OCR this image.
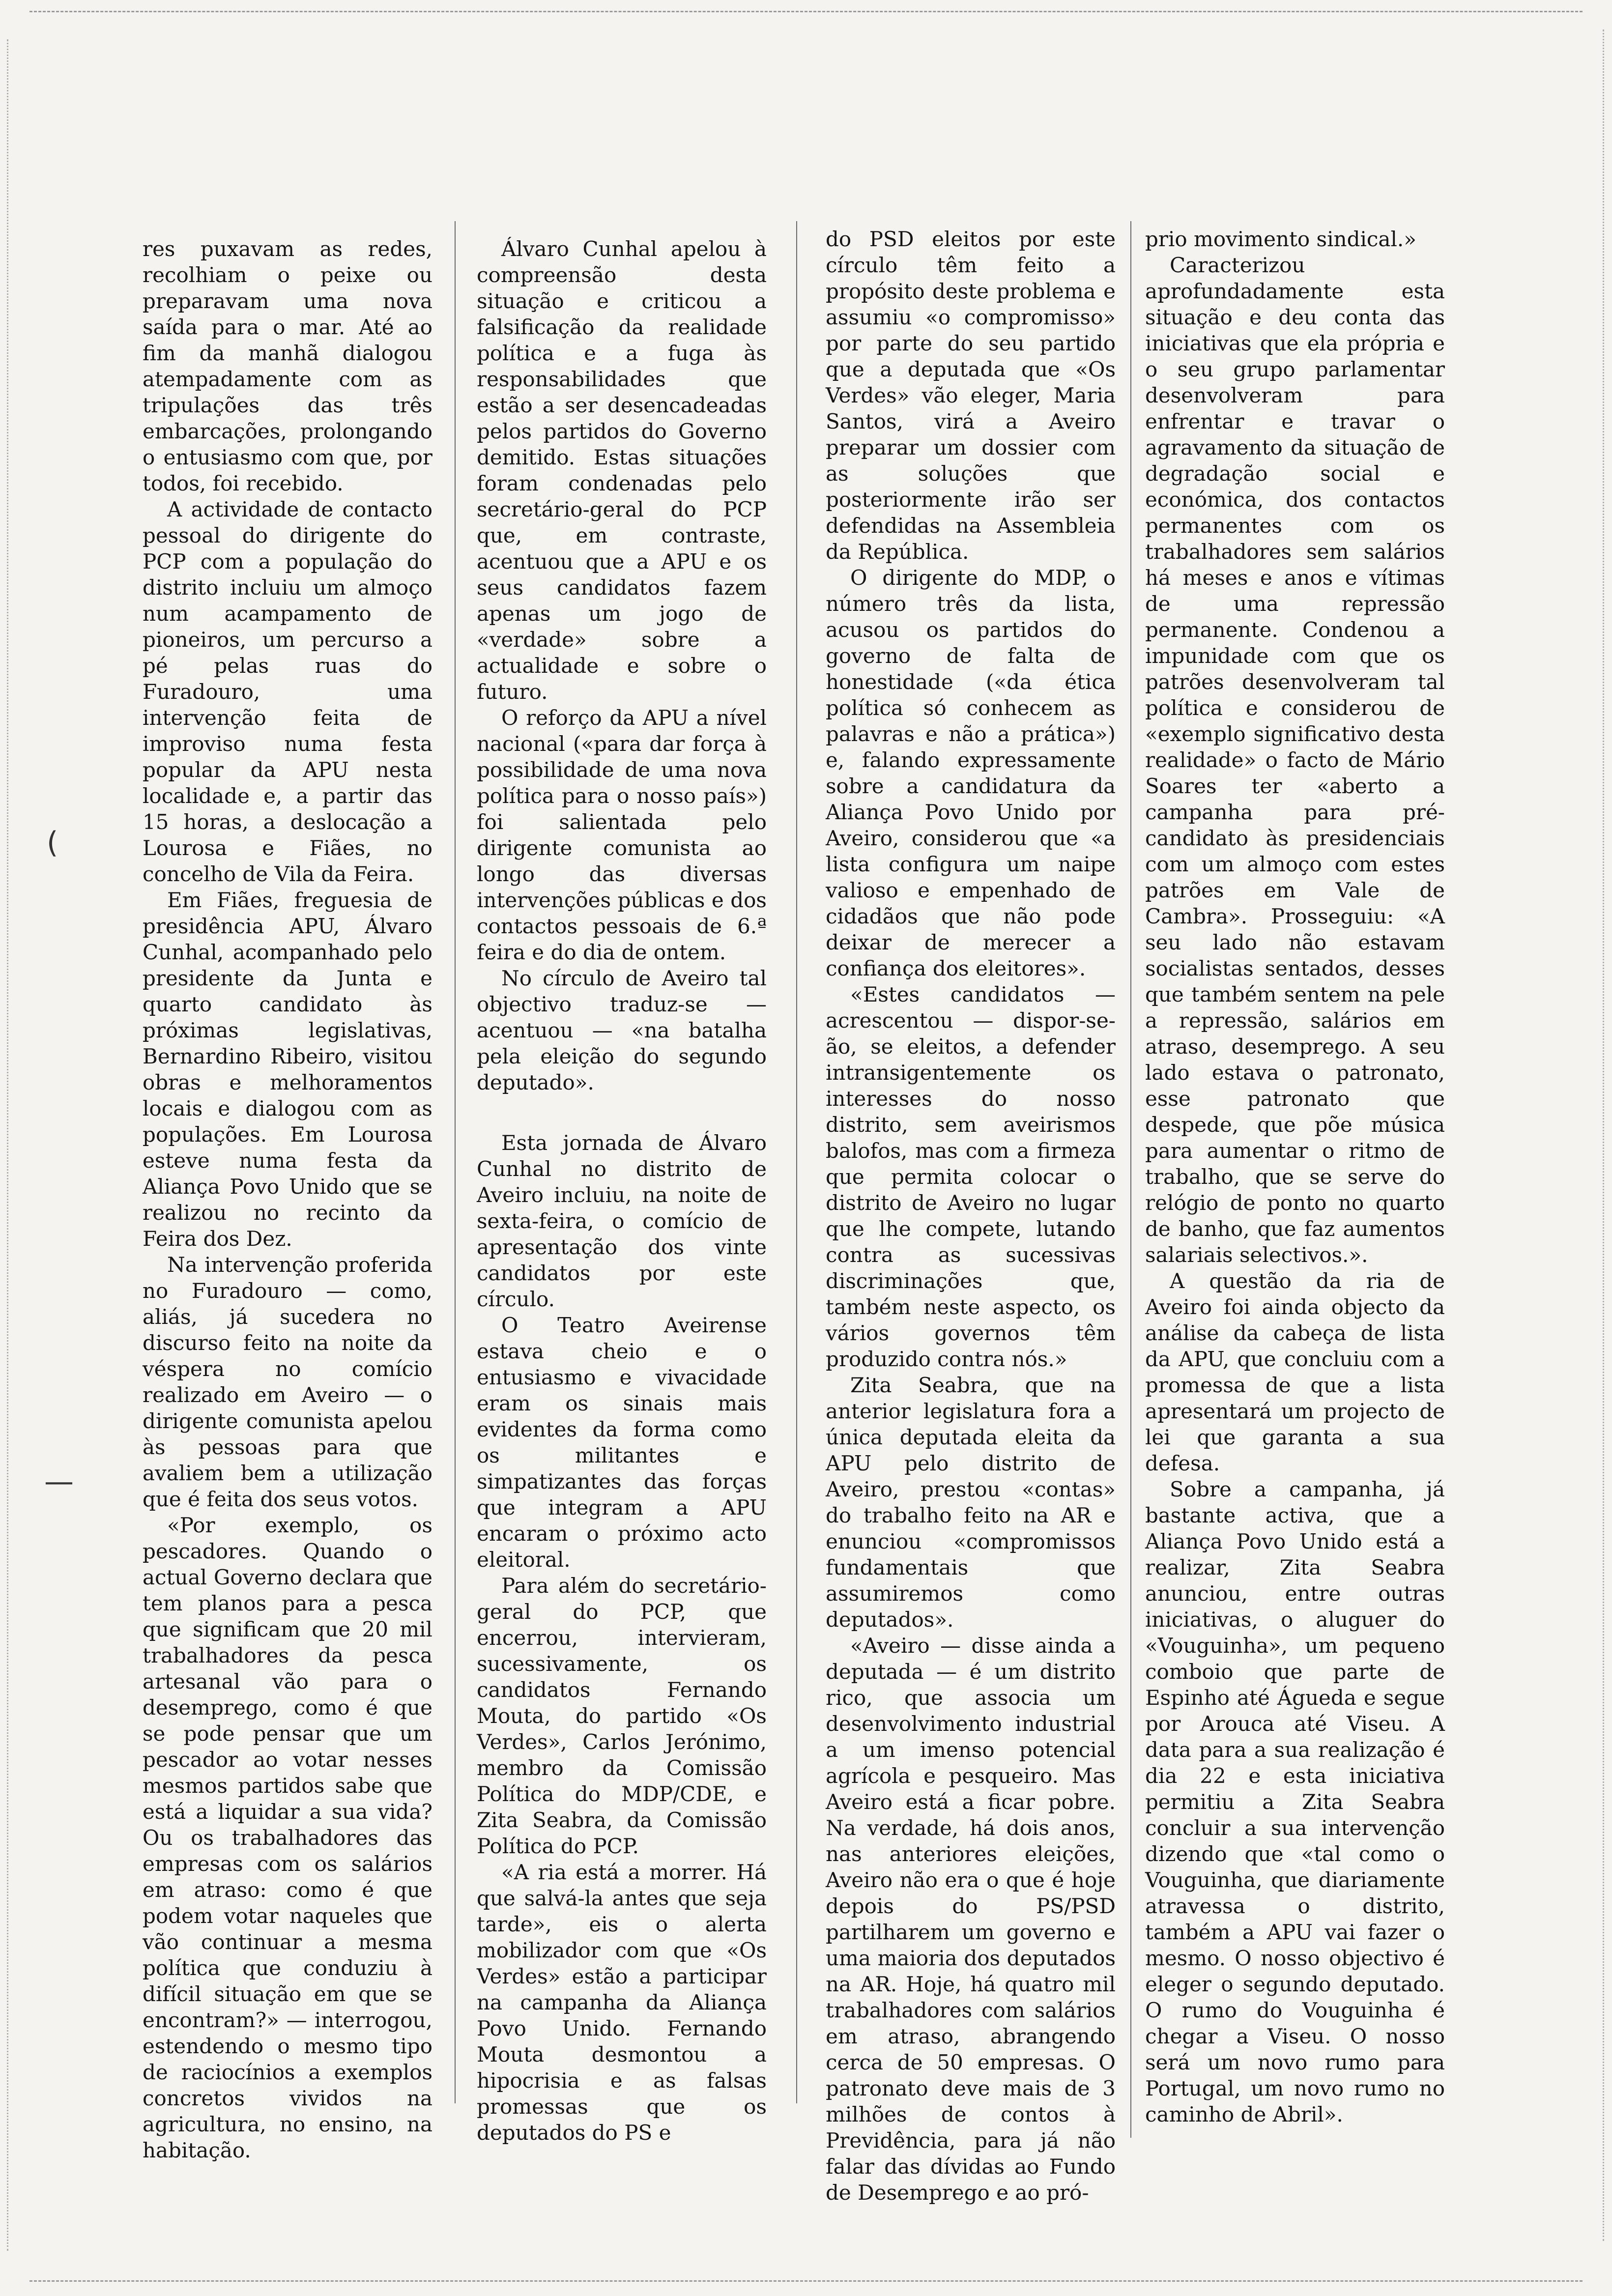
(
—

res puxavam as redes, recolhiam o peixe ou preparavam uma nova saída para o mar. Até ao fim da manhã dialogou atempadamente com as tripulações das três embarcações, prolongando o entusiasmo com que, por todos, foi recebido.

A actividade de contacto pessoal do dirigente do PCP com a população do distrito incluiu um almoço num acampamento de pioneiros, um percurso a pé pelas ruas do Furadouro, uma intervenção feita de improviso numa festa popular da APU nesta localidade e, a partir das 15 horas, a deslocação a Lourosa e Fiães, no concelho de Vila da Feira.

Em Fiães, freguesia de presidência APU, Álvaro Cunhal, acompanhado pelo presidente da Junta e quarto candidato às próximas legislativas, Bernardino Ribeiro, visitou obras e melhoramentos locais e dialogou com as populações. Em Lourosa esteve numa festa da Aliança Povo Unido que se realizou no recinto da Feira dos Dez.

Na intervenção proferida no Furadouro — como, aliás, já sucedera no discurso feito na noite da véspera no comício realizado em Aveiro — o dirigente comunista apelou às pessoas para que avaliem bem a utilização que é feita dos seus votos.

«Por exemplo, os pescadores. Quando o actual Governo declara que tem planos para a pesca que significam que 20 mil trabalhadores da pesca artesanal vão para o desemprego, como é que se pode pensar que um pescador ao votar nesses mesmos partidos sabe que está a liquidar a sua vida? Ou os trabalhadores das empresas com os salários em atraso: como é que podem votar naqueles que vão continuar a mesma política que conduziu à difícil situação em que se encontram?» — interrogou, estendendo o mesmo tipo de raciocínios a exemplos concretos vividos na agricultura, no ensino, na habitação.

Álvaro Cunhal apelou à compreensão desta situação e criticou a falsificação da realidade política e a fuga às responsabilidades que estão a ser desencadeadas pelos partidos do Governo demitido. Estas situações foram condenadas pelo secretário-geral do PCP que, em contraste, acentuou que a APU e os seus candidatos fazem apenas um jogo de «verdade» sobre a actualidade e sobre o futuro.

O reforço da APU a nível nacional («para dar força à possibilidade de uma nova política para o nosso país») foi salientada pelo dirigente comunista ao longo das diversas intervenções públicas e dos contactos pessoais de 6.ª feira e do dia de ontem.

No círculo de Aveiro tal objectivo traduz-se — acentuou — «na batalha pela eleição do segundo deputado».

Esta jornada de Álvaro Cunhal no distrito de Aveiro incluiu, na noite de sexta-feira, o comício de apresentação dos vinte candidatos por este círculo.

O Teatro Aveirense estava cheio e o entusiasmo e vivacidade eram os sinais mais evidentes da forma como os militantes e simpatizantes das forças que integram a APU encaram o próximo acto eleitoral.

Para além do secretário-geral do PCP, que encerrou, intervieram, sucessivamente, os candidatos Fernando Mouta, do partido «Os Verdes», Carlos Jerónimo, membro da Comissão Política do MDP/CDE, e Zita Seabra, da Comissão Política do PCP.

«A ria está a morrer. Há que salvá-la antes que seja tarde», eis o alerta mobilizador com que «Os Verdes» estão a participar na campanha da Aliança Povo Unido. Fernando Mouta desmontou a hipocrisia e as falsas promessas que os deputados do PS e

do PSD eleitos por este círculo têm feito a propósito deste problema e assumiu «o compromisso» por parte do seu partido que a deputada que «Os Verdes» vão eleger, Maria Santos, virá a Aveiro preparar um dossier com as soluções que posteriormente irão ser defendidas na Assembleia da República.

O dirigente do MDP, o número três da lista, acusou os partidos do governo de falta de honestidade («da ética política só conhecem as palavras e não a prática») e, falando expressamente sobre a candidatura da Aliança Povo Unido por Aveiro, considerou que «a lista configura um naipe valioso e empenhado de cidadãos que não pode deixar de merecer a confiança dos eleitores».

«Estes candidatos — acrescentou — dispor-se-ão, se eleitos, a defender intransigentemente os interesses do nosso distrito, sem aveirismos balofos, mas com a firmeza que permita colocar o distrito de Aveiro no lugar que lhe compete, lutando contra as sucessivas discriminações que, também neste aspecto, os vários governos têm produzido contra nós.»

Zita Seabra, que na anterior legislatura fora a única deputada eleita da APU pelo distrito de Aveiro, prestou «contas» do trabalho feito na AR e enunciou «compromissos fundamentais que assumiremos como deputados».

«Aveiro — disse ainda a deputada — é um distrito rico, que associa um desenvolvimento industrial a um imenso potencial agrícola e pesqueiro. Mas Aveiro está a ficar pobre. Na verdade, há dois anos, nas anteriores eleições, Aveiro não era o que é hoje depois do PS/PSD partilharem um governo e uma maioria dos deputados na AR. Hoje, há quatro mil trabalhadores com salários em atraso, abrangendo cerca de 50 empresas. O patronato deve mais de 3 milhões de contos à Previdência, para já não falar das dívidas ao Fundo de Desemprego e ao pró-

prio movimento sindical.»

Caracterizou aprofundadamente esta situação e deu conta das iniciativas que ela própria e o seu grupo parlamentar desenvolveram para enfrentar e travar o agravamento da situação de degradação social e económica, dos contactos permanentes com os trabalhadores sem salários há meses e anos e vítimas de uma repressão permanente. Condenou a impunidade com que os patrões desenvolveram tal política e considerou de «exemplo significativo desta realidade» o facto de Mário Soares ter «aberto a campanha para pré-candidato às presidenciais com um almoço com estes patrões em Vale de Cambra». Prosseguiu: «A seu lado não estavam socialistas sentados, desses que também sentem na pele a repressão, salários em atraso, desemprego. A seu lado estava o patronato, esse patronato que despede, que põe música para aumentar o ritmo de trabalho, que se serve do relógio de ponto no quarto de banho, que faz aumentos salariais selectivos.».

A questão da ria de Aveiro foi ainda objecto da análise da cabeça de lista da APU, que concluiu com a promessa de que a lista apresentará um projecto de lei que garanta a sua defesa.

Sobre a campanha, já bastante activa, que a Aliança Povo Unido está a realizar, Zita Seabra anunciou, entre outras iniciativas, o aluguer do «Vouguinha», um pequeno comboio que parte de Espinho até Águeda e segue por Arouca até Viseu. A data para a sua realização é dia 22 e esta iniciativa permitiu a Zita Seabra concluir a sua intervenção dizendo que «tal como o Vouguinha, que diariamente atravessa o distrito, também a APU vai fazer o mesmo. O nosso objectivo é eleger o segundo deputado. O rumo do Vouguinha é chegar a Viseu. O nosso será um novo rumo para Portugal, um novo rumo no caminho de Abril».
